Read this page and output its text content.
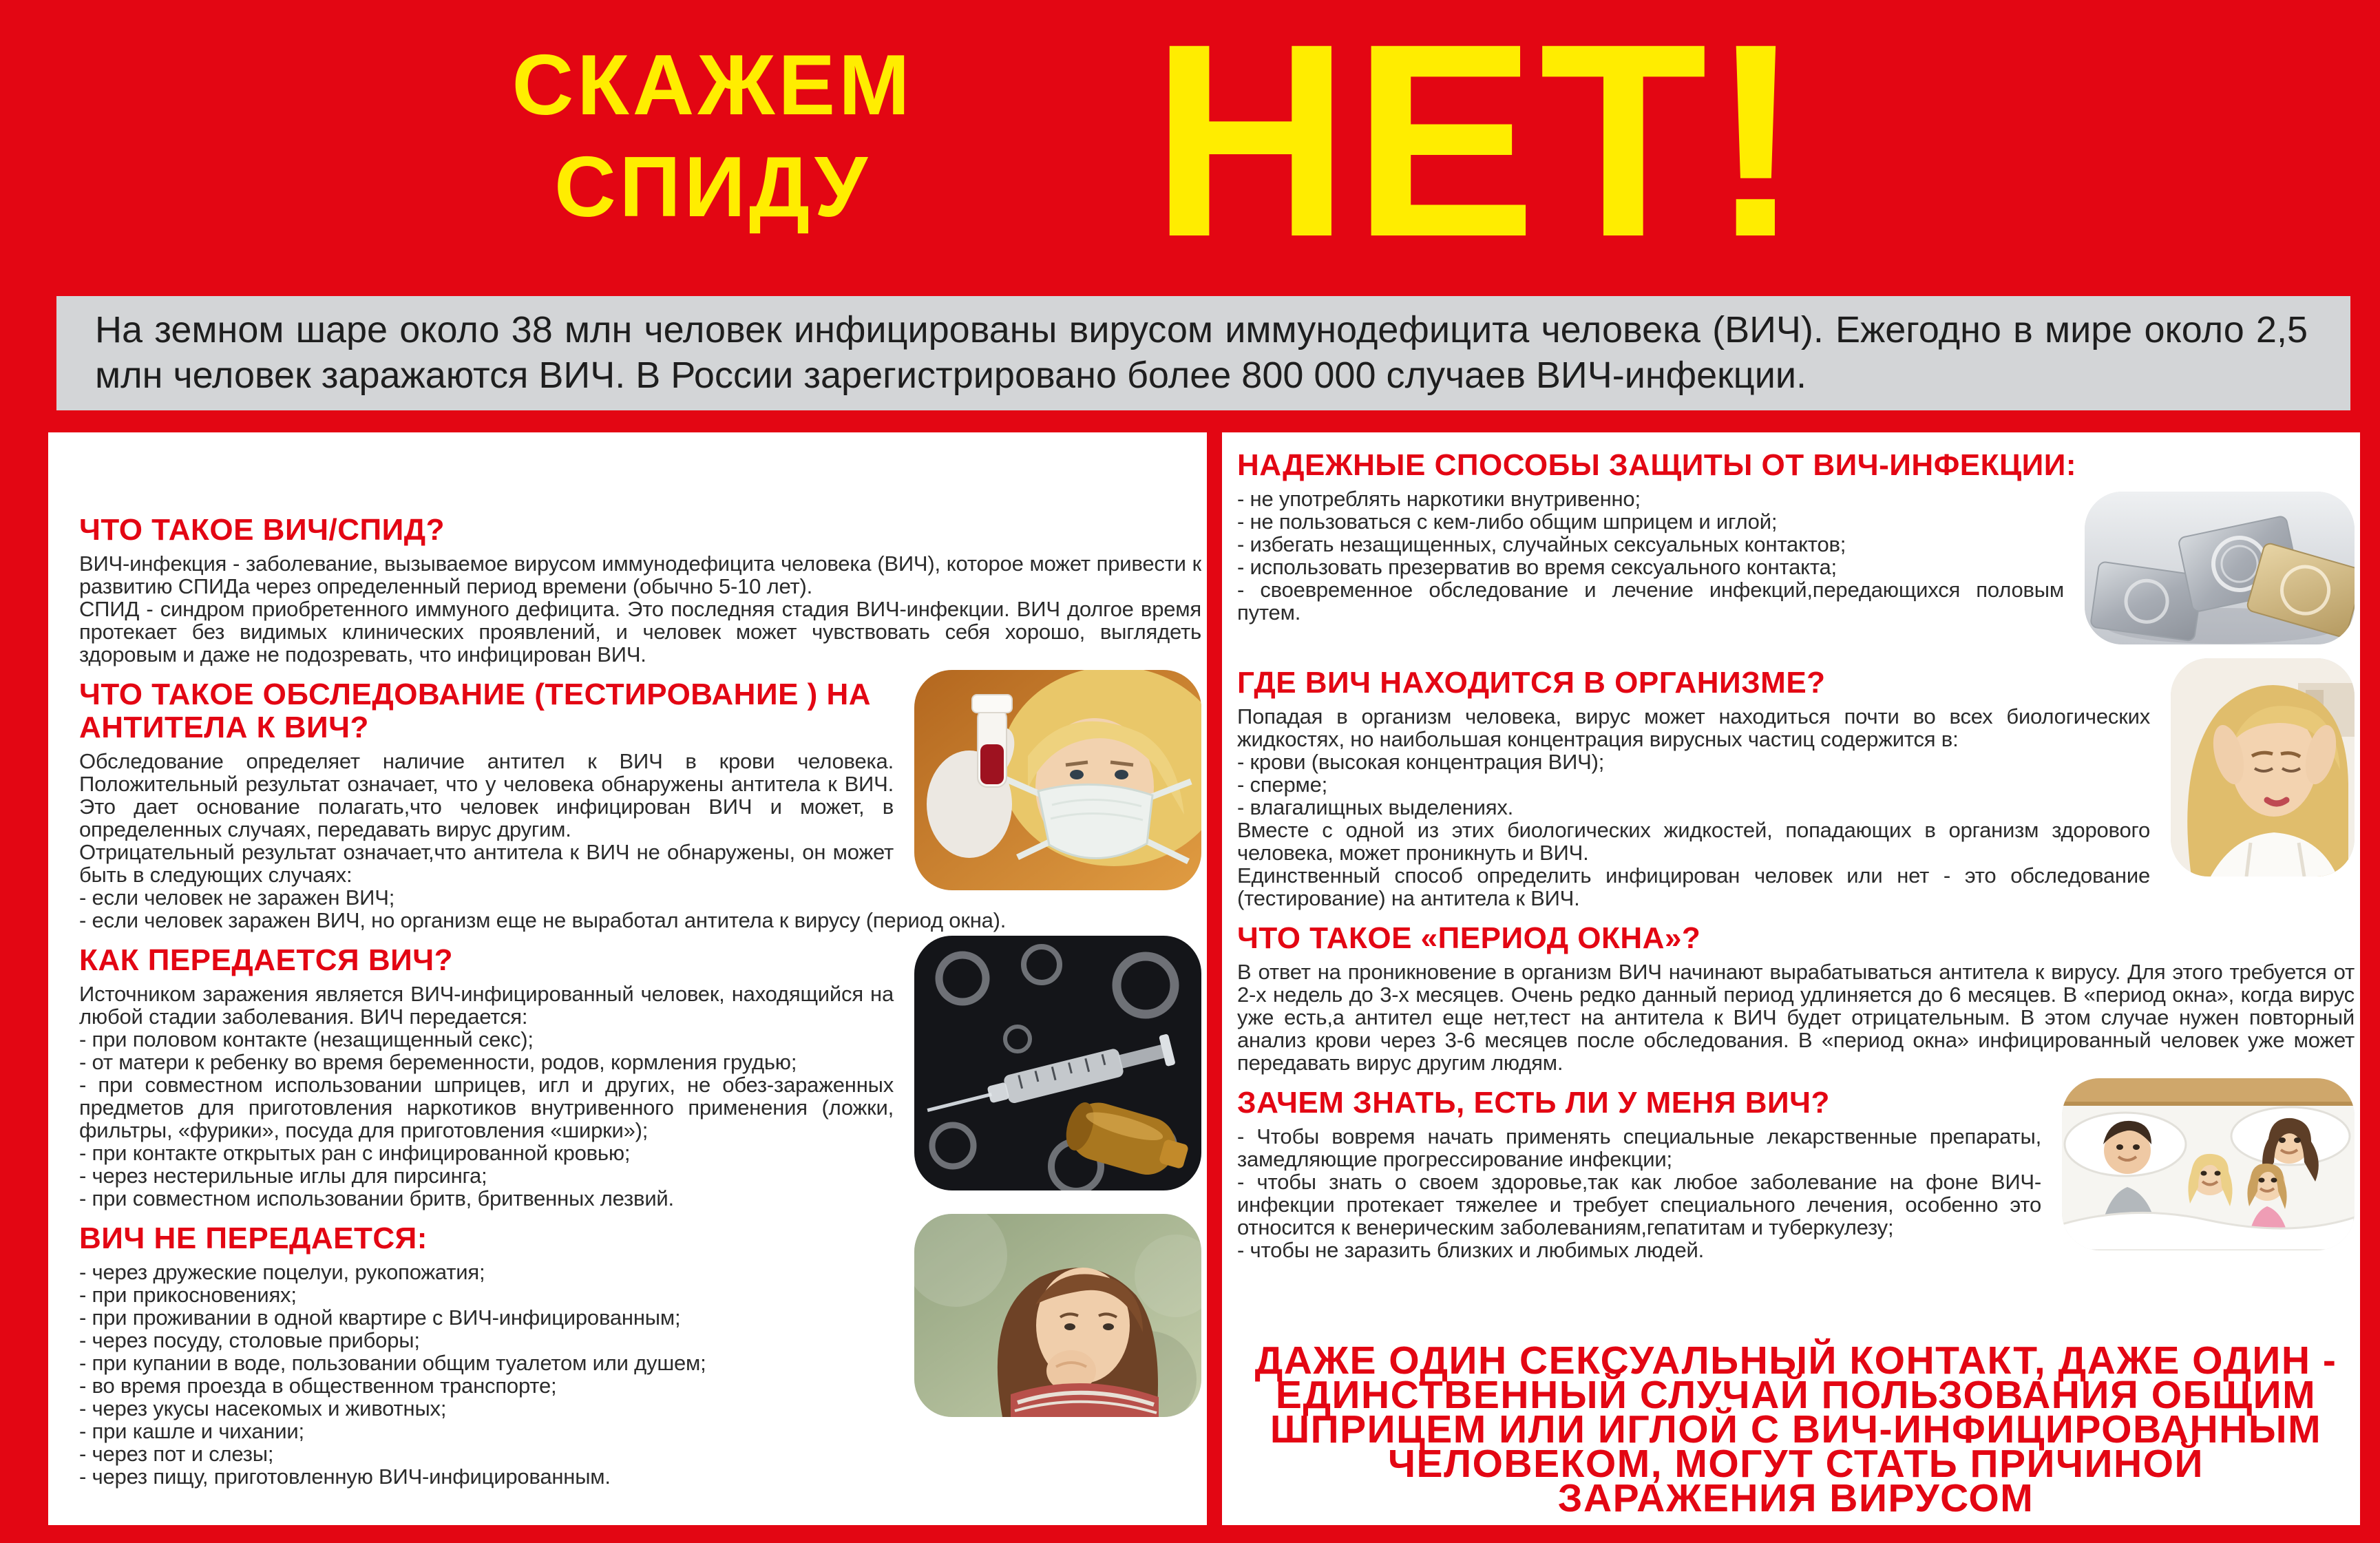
СКАЖЕМ
СПИДУ	НЕТ!
На земном шаре около 38 млн человек инфицированы вирусом иммунодефицита человека (ВИЧ). Ежегодно в мире около 2,5 млн человек заражаются ВИЧ. В России зарегистрировано более 800 000 случаев ВИЧ-инфекции.
ЧТО ТАКОЕ ВИЧ/СПИД?

ВИЧ-инфекция - заболевание, вызываемое вирусом иммунодефицита человека (ВИЧ), которое может привести к развитию СПИДа через определенный период времени (обычно 5-10 лет).

СПИД - синдром приобретенного иммуного дефицита. Это последняя стадия ВИЧ-инфекции. ВИЧ долгое время протекает без видимых клинических проявлений, и человек может чувствовать себя хорошо, выглядеть здоровым и даже не подозревать, что инфицирован ВИЧ.

ЧТО ТАКОЕ ОБСЛЕДОВАНИЕ (ТЕСТИРОВАНИЕ ) НА АНТИТЕЛА К ВИЧ?

Обследование определяет наличие антител к ВИЧ в крови человека. Положительный результат означает, что у человека обнаружены антитела к ВИЧ. Это дает основание полагать,что человек инфицирован ВИЧ и может, в определенных случаях, передавать вирус другим.

Отрицательный результат означает,что антитела к ВИЧ не обнаружены, он может быть в следующих случаях:

- если человек не заражен ВИЧ;

- если человек заражен ВИЧ, но организм еще не выработал антитела к вирусу (период окна).

КАК ПЕРЕДАЕТСЯ ВИЧ?

Источником заражения является ВИЧ-инфицированный человек, находящийся на любой стадии заболевания. ВИЧ передается:

- при половом контакте (незащищенный секс);

- от матери к ребенку во время беременности, родов, кормления грудью;

- при совместном использовании шприцев, игл и других, не обез-зараженных предметов для приготовления наркотиков внутривенного применения (ложки, фильтры, «фурики», посуда для приготовления «ширки»);

- при контакте открытых ран с инфицированной кровью;

- через нестерильные иглы для пирсинга;

- при совместном использовании бритв, бритвенных лезвий.

ВИЧ НЕ ПЕРЕДАЕТСЯ:

- через дружеские поцелуи, рукопожатия;

- при прикосновениях;

- при проживании в одной квартире с ВИЧ-инфицированным;

- через посуду, столовые приборы;

- при купании в воде, пользовании общим туалетом или душем;

- во время проезда в общественном транспорте;

- через укусы насекомых и животных;

- при кашле и чихании;

- через пот и слезы;

- через пищу, приготовленную ВИЧ-инфицированным.

НАДЕЖНЫЕ СПОСОБЫ ЗАЩИТЫ ОТ ВИЧ-ИНФЕКЦИИ:

- не употреблять наркотики внутривенно;

- не пользоваться с кем-либо общим шприцем и иглой;

- избегать незащищенных, случайных сексуальных контактов;

- использовать презерватив во время сексуального контакта;

- своевременное обследование и лечение инфекций,передающихся половым путем.

ГДЕ ВИЧ НАХОДИТСЯ В ОРГАНИЗМЕ?

Попадая в организм человека, вирус может находиться почти во всех биологических жидкостях, но наибольшая концентрация вирусных частиц содержится в:

- крови (высокая концентрация ВИЧ);

- сперме;

- влагалищных выделениях.

Вместе с одной из этих биологических жидкостей, попадающих в организм здорового человека, может проникнуть и ВИЧ.

Единственный способ определить инфицирован человек или нет - это обследование (тестирование) на антитела к ВИЧ.

ЧТО ТАКОЕ «ПЕРИОД ОКНА»?

В ответ на проникновение в организм ВИЧ начинают вырабатываться антитела к вирусу. Для этого требуется от 2-х недель до 3-х месяцев. Очень редко данный период удлиняется до 6 месяцев. В «период окна», когда вирус уже есть,а антител еще нет,тест на антитела к ВИЧ будет отрицательным. В этом случае нужен повторный анализ крови через 3-6 месяцев после обследования. В «период окна» инфицированный человек уже может передавать вирус другим людям.

ЗАЧЕМ ЗНАТЬ, ЕСТЬ ЛИ У МЕНЯ ВИЧ?

- Чтобы вовремя начать применять специальные лекарственные препараты, замедляющие прогрессирование инфекции;

- чтобы знать о своем здоровье,так как любое заболевание на фоне ВИЧ-инфекции протекает тяжелее и требует специального лечения, особенно это относится к венерическим заболеваниям,гепатитам и туберкулезу;

- чтобы не заразить близких и любимых людей.

ДАЖЕ ОДИН СЕКСУАЛЬНЫЙ КОНТАКТ, ДАЖЕ ОДИН -
ЕДИНСТВЕННЫЙ СЛУЧАЙ ПОЛЬЗОВАНИЯ ОБЩИМ
ШПРИЦЕМ ИЛИ ИГЛОЙ С ВИЧ-ИНФИЦИРОВАННЫМ
ЧЕЛОВЕКОМ, МОГУТ СТАТЬ ПРИЧИНОЙ
ЗАРАЖЕНИЯ ВИРУСОМ
